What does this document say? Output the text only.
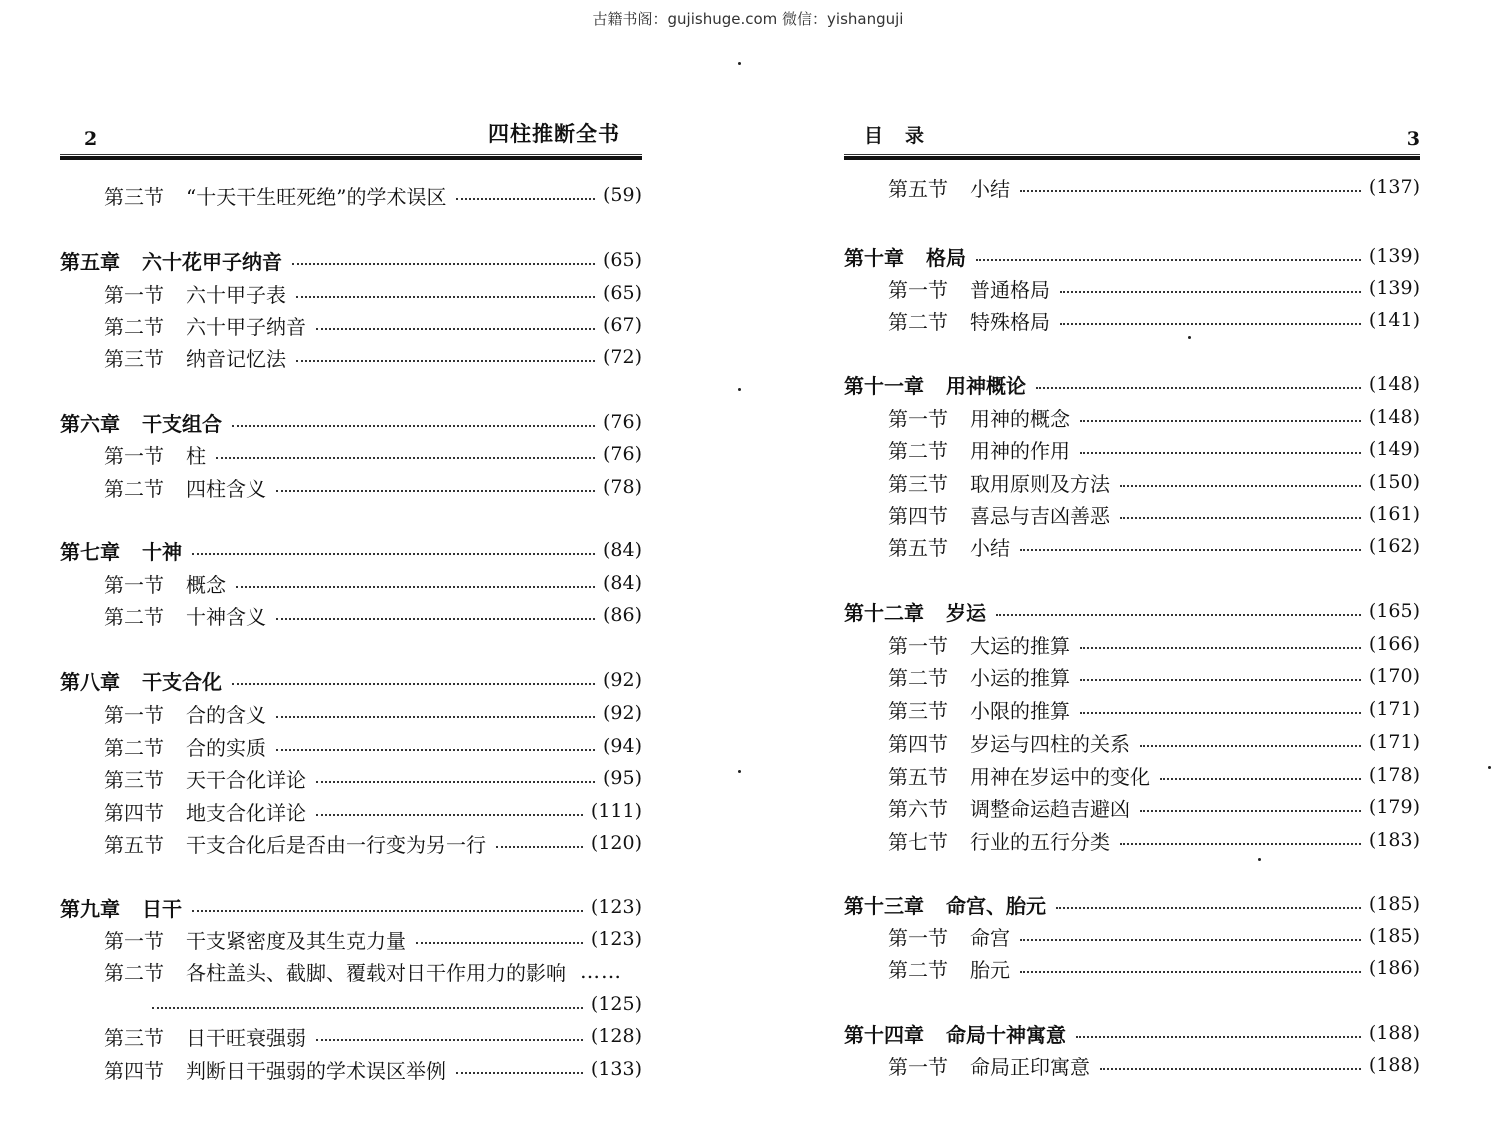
古籍书阁：gujishuge.com 微信：yishanguji
2	四柱推断全书
第三节 “十天干生旺死绝”的学术误区	(59)
第五章 六十花甲子纳音	(65)
第一节 六十甲子表	(65)
第二节 六十甲子纳音	(67)
第三节 纳音记忆法	(72)
第六章 干支组合	(76)
第一节 柱	(76)
第二节 四柱含义	(78)
第七章 十神	(84)
第一节 概念	(84)
第二节 十神含义	(86)
第八章 干支合化	(92)
第一节 合的含义	(92)
第二节 合的实质	(94)
第三节 天干合化详论	(95)
第四节 地支合化详论	(111)
第五节 干支合化后是否由一行变为另一行	(120)
第九章 日干	(123)
第一节 干支紧密度及其生克力量	(123)
第二节 各柱盖头、截脚、覆载对日干作用力的影响 ……
(125)
第三节 日干旺衰强弱	(128)
第四节 判断日干强弱的学术误区举例	(133)
目录	3
第五节 小结	(137)
第十章 格局	(139)
第一节 普通格局	(139)
第二节 特殊格局	(141)
第十一章 用神概论	(148)
第一节 用神的概念	(148)
第二节 用神的作用	(149)
第三节 取用原则及方法	(150)
第四节 喜忌与吉凶善恶	(161)
第五节 小结	(162)
第十二章 岁运	(165)
第一节 大运的推算	(166)
第二节 小运的推算	(170)
第三节 小限的推算	(171)
第四节 岁运与四柱的关系	(171)
第五节 用神在岁运中的变化	(178)
第六节 调整命运趋吉避凶	(179)
第七节 行业的五行分类	(183)
第十三章 命宫、胎元	(185)
第一节 命宫	(185)
第二节 胎元	(186)
第十四章 命局十神寓意	(188)
第一节 命局正印寓意	(188)
